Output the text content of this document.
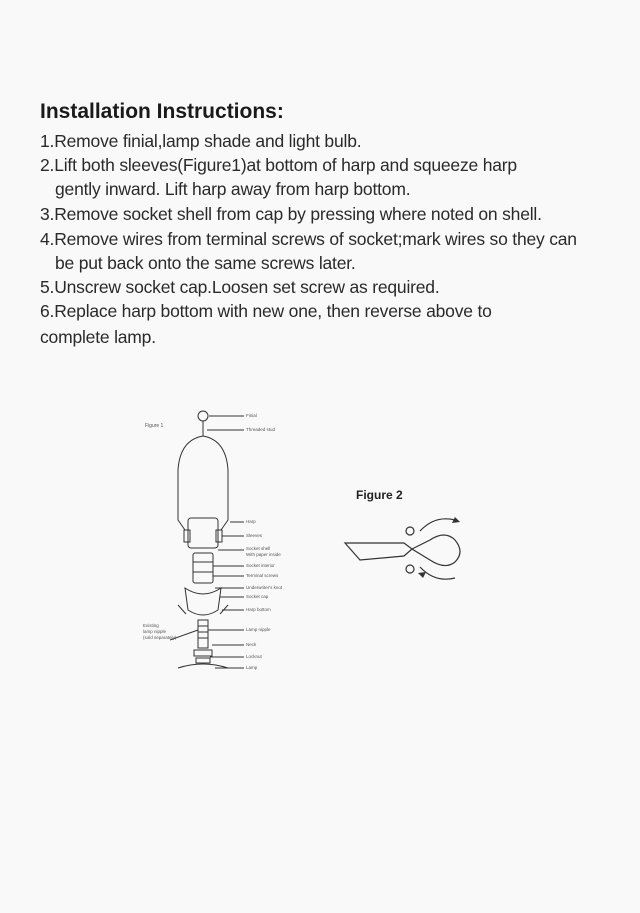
Installation Instructions:
1.Remove finial,lamp shade and light bulb.
2.Lift both sleeves(Figure1)at bottom of harp and squeeze harp
gently inward. Lift harp away from harp bottom.
3.Remove socket shell from cap by pressing where noted on shell.
4.Remove wires from terminal screws of socket;mark wires so they can
be put back onto the same screws later.
5.Unscrew socket cap.Loosen set screw as required.
6.Replace harp bottom with new one, then reverse above to
complete lamp.
Figure 1
Finial
Threaded stud
Harp
Sleeves
Socket shell
With paper inside
Socket interior
Terminal screws
Underwriter's knot
Socket cap
Harp bottom
Lamp nipple
Neck
Locknut
Lamp
Existing
lamp nipple
(sold separately)
Figure 2
